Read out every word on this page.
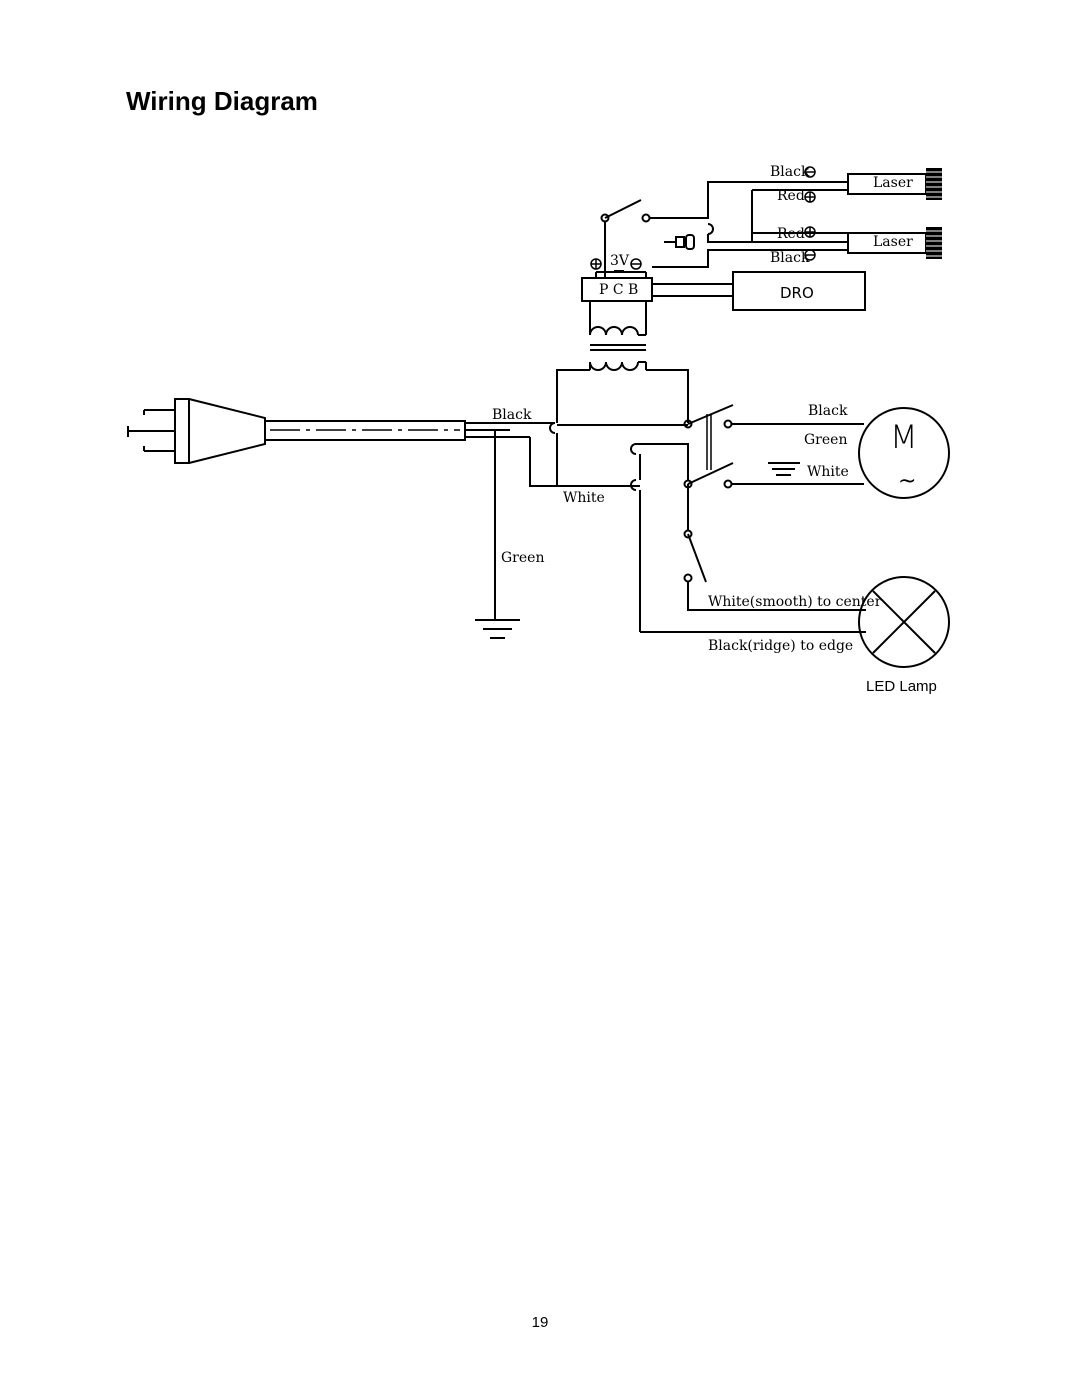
Wiring Diagram
Green
Black
White
Black
Green
White
M
~
White(smooth) to center
Black(ridge) to edge
LED Lamp
P C B
3V
Black
Red
Red
Black
Laser
Laser
DRO
19
